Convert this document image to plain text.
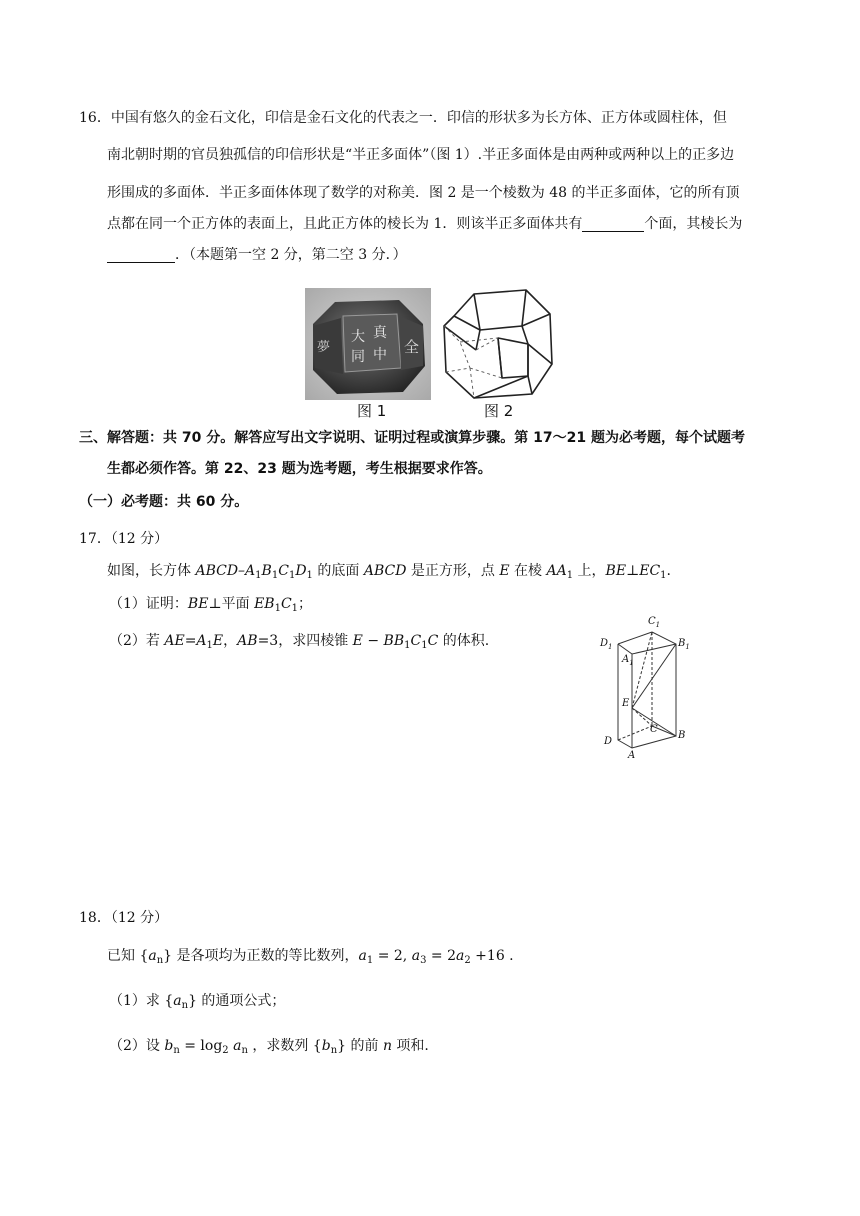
16．中国有悠久的金石文化，印信是金石文化的代表之一．印信的形状多为长方体、正方体或圆柱体，但
南北朝时期的官员独孤信的印信形状是“半正多面体”（图 1）.半正多面体是由两种或两种以上的正多边
形围成的多面体．半正多面体体现了数学的对称美．图 2 是一个棱数为 48 的半正多面体，它的所有顶
点都在同一个正方体的表面上，且此正方体的棱长为 1．则该半正多面体共有	个面，其棱长为
．（本题第一空 2 分，第二空 3 分．）
大 真
同 中 全
夢
图 1	图 2
三、解答题：共 70 分。解答应写出文字说明、证明过程或演算步骤。第 17～21 题为必考题，每个试题考
生都必须作答。第 22、23 题为选考题，考生根据要求作答。
（一）必考题：共 60 分。
17．（12 分）
如图，长方体 ABCD–$A_1B_1C_1D_1$ 的底面 ABCD 是正方形，点 E 在棱 $AA_1$ 上，$BE\perp EC_1$.
（1）证明：BE⊥平面 $EB_1C_1$；
（2）若 $AE=A_1E$，AB=3，求四棱锥 $E - BB_1C_1C$ 的体积.
$C_1$
$B_1$
$D_1$
$A_1$
E
C
B
D
A
18．（12 分）
已知 $\{a_n\}$ 是各项均为正数的等比数列，$a_1 = 2$, $a_3 = 2a_2 +16$ .
（1）求 $\{a_n\}$ 的通项公式；
（2）设 $b_n = \log_2 a_n$ ，求数列 $\{b_n\}$ 的前 n 项和.
